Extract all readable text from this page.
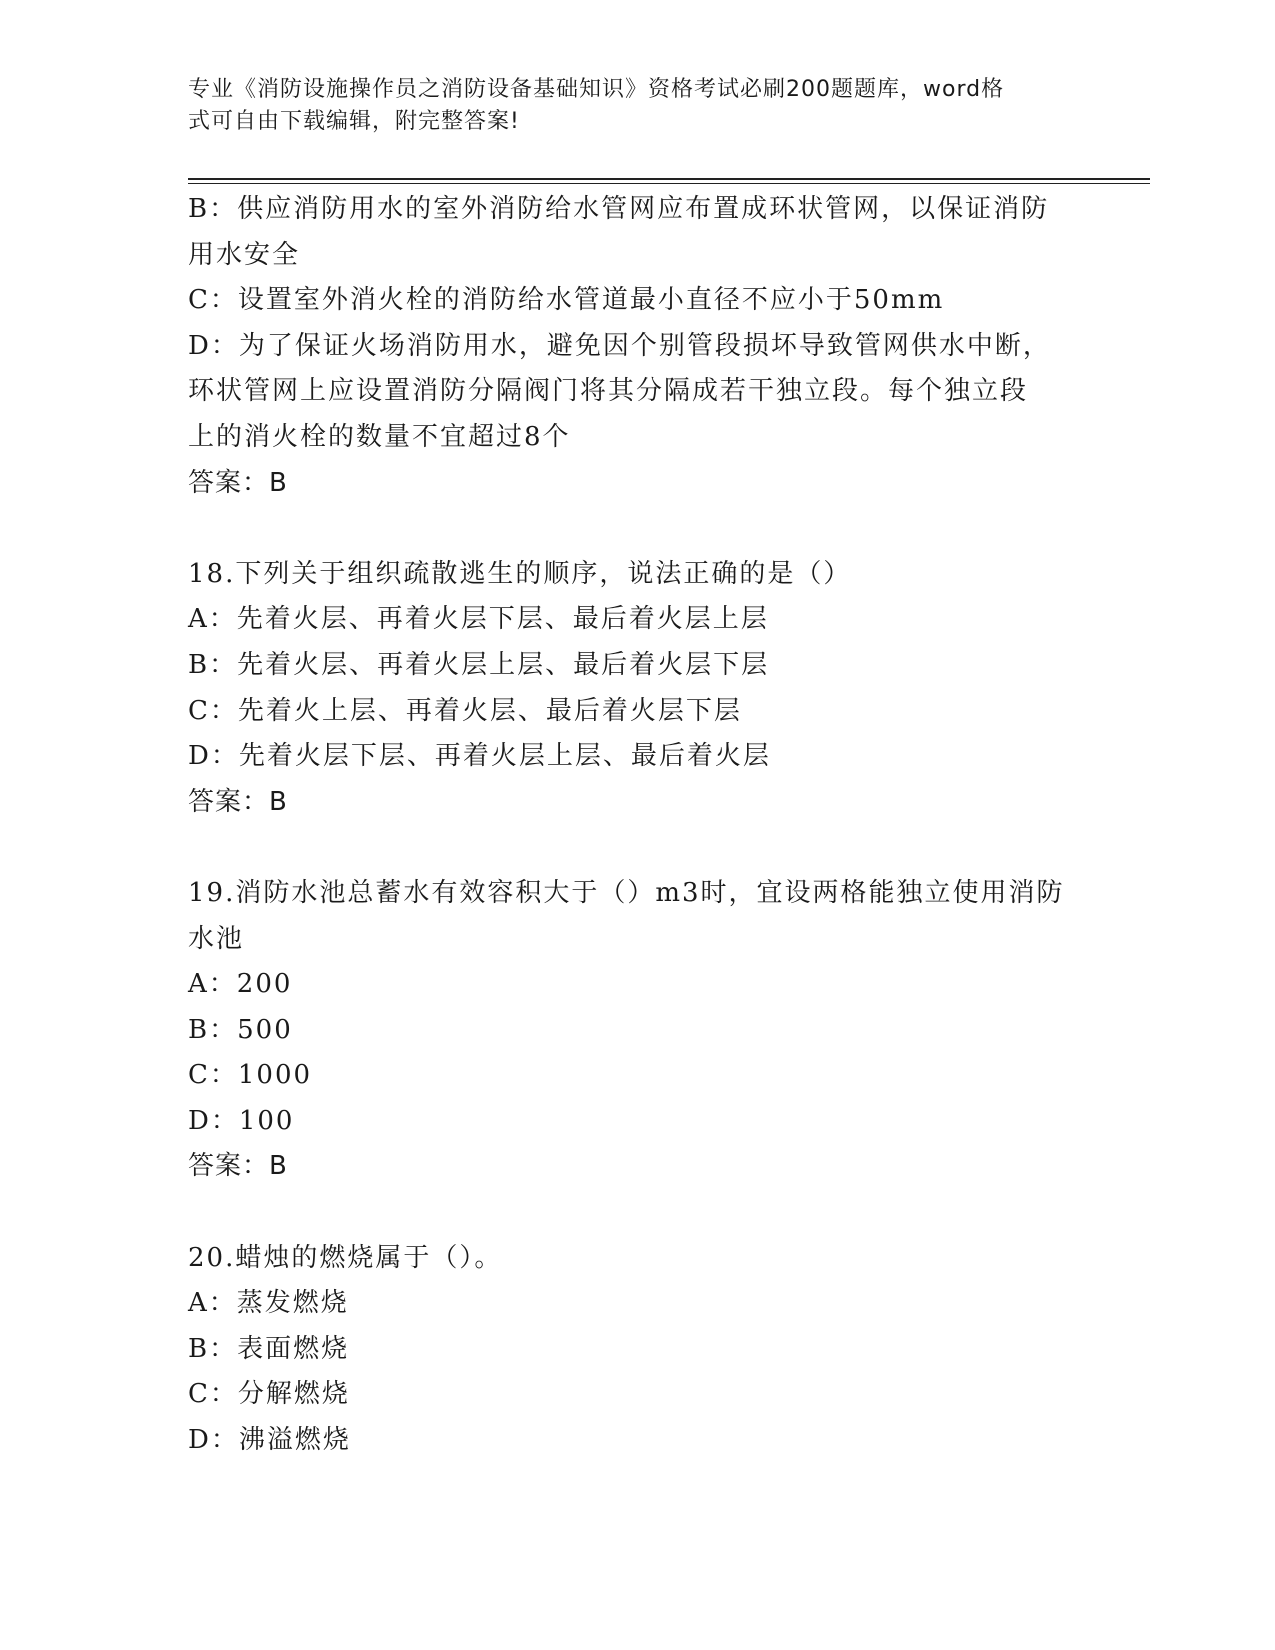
专业《消防设施操作员之消防设备基础知识》资格考试必刷200题题库，word格
式可自由下载编辑，附完整答案!
B：供应消防用水的室外消防给水管网应布置成环状管网，以保证消防
用水安全
C：设置室外消火栓的消防给水管道最小直径不应小于50mm
D：为了保证火场消防用水，避免因个别管段损坏导致管网供水中断，
环状管网上应设置消防分隔阀门将其分隔成若干独立段。每个独立段
上的消火栓的数量不宜超过8个
答案：B
18.下列关于组织疏散逃生的顺序，说法正确的是（）
A：先着火层、再着火层下层、最后着火层上层
B：先着火层、再着火层上层、最后着火层下层
C：先着火上层、再着火层、最后着火层下层
D：先着火层下层、再着火层上层、最后着火层
答案：B
19.消防水池总蓄水有效容积大于（）m3时，宜设两格能独立使用消防
水池
A：200
B：500
C：1000
D：100
答案：B
20.蜡烛的燃烧属于（）。
A：蒸发燃烧
B：表面燃烧
C：分解燃烧
D：沸溢燃烧
